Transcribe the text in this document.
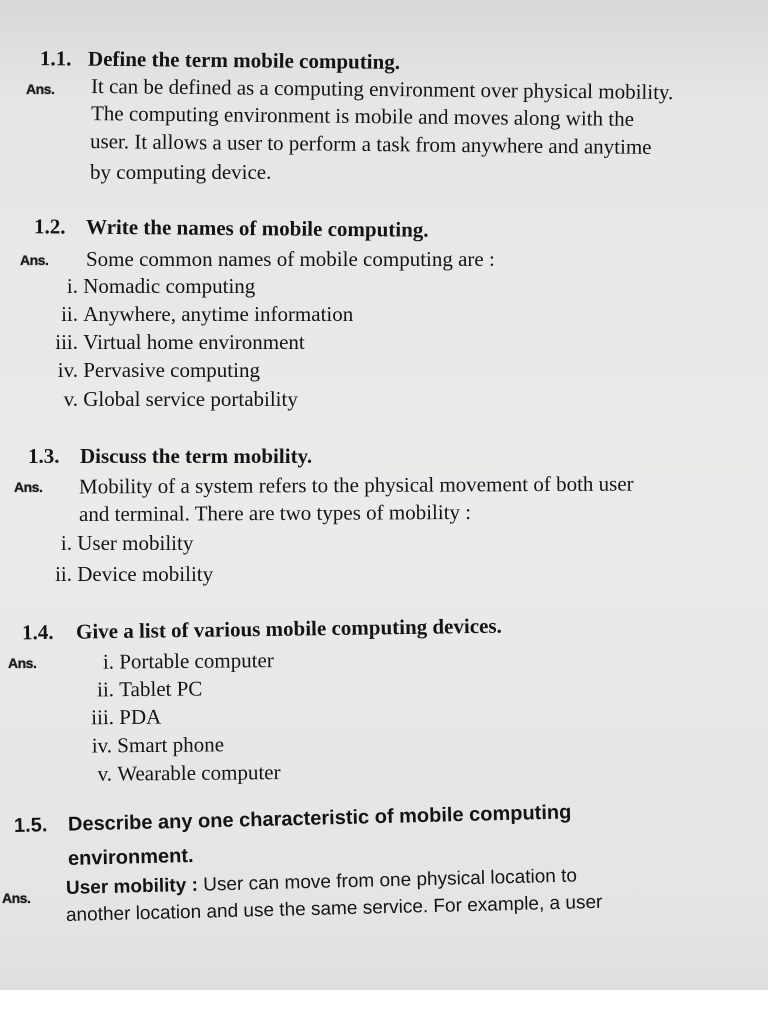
1.1. Define the term mobile computing.
Ans. It can be defined as a computing environment over physical mobility.
The computing environment is mobile and moves along with the
user. It allows a user to perform a task from anywhere and anytime
by computing device.
1.2. Write the names of mobile computing.
Ans. Some common names of mobile computing are :
i. Nomadic computing
ii. Anywhere, anytime information
iii. Virtual home environment
iv. Pervasive computing
v. Global service portability
1.3. Discuss the term mobility.
Ans. Mobility of a system refers to the physical movement of both user
and terminal. There are two types of mobility :
i. User mobility
ii. Device mobility
1.4. Give a list of various mobile computing devices.
Ans.	i. Portable computer
ii. Tablet PC
iii. PDA
iv. Smart phone
v. Wearable computer
1.5. Describe any one characteristic of mobile computing
environment.
Ans. User mobility : User can move from one physical location to
another location and use the same service. For example, a user
